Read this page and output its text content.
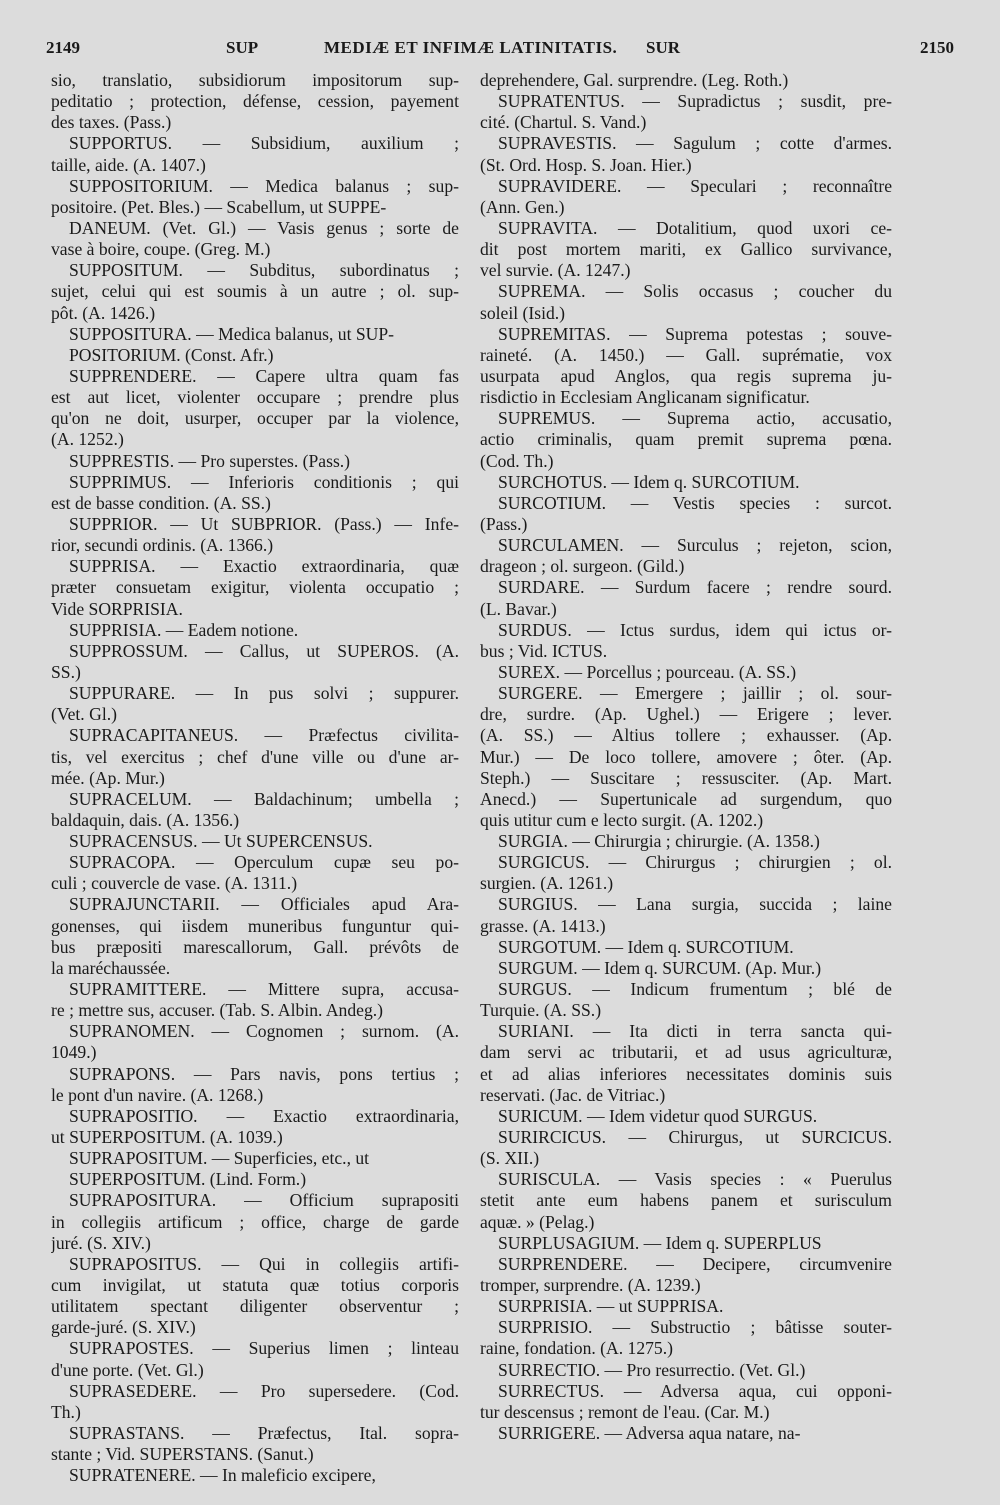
2149	SUP	MEDIÆ ET INFIMÆ LATINITATIS. SUR	2150
sio, translatio, subsidiorum impositorum sup-
peditatio ; protection, défense, cession, payement
des taxes. (Pass.)
SUPPORTUS. — Subsidium, auxilium ;
taille, aide. (A. 1407.)
SUPPOSITORIUM. — Medica balanus ; sup-
positoire. (Pet. Bles.) — Scabellum, ut SUPPE-
DANEUM. (Vet. Gl.) — Vasis genus ; sorte de
vase à boire, coupe. (Greg. M.)
SUPPOSITUM. — Subditus, subordinatus ;
sujet, celui qui est soumis à un autre ; ol. sup-
pôt. (A. 1426.)
SUPPOSITURA. — Medica balanus, ut SUP-
POSITORIUM. (Const. Afr.)
SUPPRENDERE. — Capere ultra quam fas
est aut licet, violenter occupare ; prendre plus
qu'on ne doit, usurper, occuper par la violence,
(A. 1252.)
SUPPRESTIS. — Pro superstes. (Pass.)
SUPPRIMUS. — Inferioris conditionis ; qui
est de basse condition. (A. SS.)
SUPPRIOR. — Ut SUBPRIOR. (Pass.) — Infe-
rior, secundi ordinis. (A. 1366.)
SUPPRISA. — Exactio extraordinaria, quæ
præter consuetam exigitur, violenta occupatio ;
Vide SORPRISIA.
SUPPRISIA. — Eadem notione.
SUPPROSSUM. — Callus, ut SUPEROS. (A.
SS.)
SUPPURARE. — In pus solvi ; suppurer.
(Vet. Gl.)
SUPRACAPITANEUS. — Præfectus civilita-
tis, vel exercitus ; chef d'une ville ou d'une ar-
mée. (Ap. Mur.)
SUPRACELUM. — Baldachinum; umbella ;
baldaquin, dais. (A. 1356.)
SUPRACENSUS. — Ut SUPERCENSUS.
SUPRACOPA. — Operculum cupæ seu po-
culi ; couvercle de vase. (A. 1311.)
SUPRAJUNCTARII. — Officiales apud Ara-
gonenses, qui iisdem muneribus funguntur qui-
bus præpositi marescallorum, Gall. prévôts de
la maréchaussée.
SUPRAMITTERE. — Mittere supra, accusa-
re ; mettre sus, accuser. (Tab. S. Albin. Andeg.)
SUPRANOMEN. — Cognomen ; surnom. (A.
1049.)
SUPRAPONS. — Pars navis, pons tertius ;
le pont d'un navire. (A. 1268.)
SUPRAPOSITIO. — Exactio extraordinaria,
ut SUPERPOSITUM. (A. 1039.)
SUPRAPOSITUM. — Superficies, etc., ut
SUPERPOSITUM. (Lind. Form.)
SUPRAPOSITURA. — Officium suprapositi
in collegiis artificum ; office, charge de garde
juré. (S. XIV.)
SUPRAPOSITUS. — Qui in collegiis artifi-
cum invigilat, ut statuta quæ totius corporis
utilitatem spectant diligenter observentur ;
garde-juré. (S. XIV.)
SUPRAPOSTES. — Superius limen ; linteau
d'une porte. (Vet. Gl.)
SUPRASEDERE. — Pro supersedere. (Cod.
Th.)
SUPRASTANS. — Præfectus, Ital. sopra-
stante ; Vid. SUPERSTANS. (Sanut.)
SUPRATENERE. — In maleficio excipere,
deprehendere, Gal. surprendre. (Leg. Roth.)
SUPRATENTUS. — Supradictus ; susdit, pre-
cité. (Chartul. S. Vand.)
SUPRAVESTIS. — Sagulum ; cotte d'armes.
(St. Ord. Hosp. S. Joan. Hier.)
SUPRAVIDERE. — Speculari ; reconnaître
(Ann. Gen.)
SUPRAVITA. — Dotalitium, quod uxori ce-
dit post mortem mariti, ex Gallico survivance,
vel survie. (A. 1247.)
SUPREMA. — Solis occasus ; coucher du
soleil (Isid.)
SUPREMITAS. — Suprema potestas ; souve-
raineté. (A. 1450.) — Gall. suprématie, vox
usurpata apud Anglos, qua regis suprema ju-
risdictio in Ecclesiam Anglicanam significatur.
SUPREMUS. — Suprema actio, accusatio,
actio criminalis, quam premit suprema pœna.
(Cod. Th.)
SURCHOTUS. — Idem q. SURCOTIUM.
SURCOTIUM. — Vestis species : surcot.
(Pass.)
SURCULAMEN. — Surculus ; rejeton, scion,
drageon ; ol. surgeon. (Gild.)
SURDARE. — Surdum facere ; rendre sourd.
(L. Bavar.)
SURDUS. — Ictus surdus, idem qui ictus or-
bus ; Vid. ICTUS.
SUREX. — Porcellus ; pourceau. (A. SS.)
SURGERE. — Emergere ; jaillir ; ol. sour-
dre, surdre. (Ap. Ughel.) — Erigere ; lever.
(A. SS.) — Altius tollere ; exhausser. (Ap.
Mur.) — De loco tollere, amovere ; ôter. (Ap.
Steph.) — Suscitare ; ressusciter. (Ap. Mart.
Anecd.) — Supertunicale ad surgendum, quo
quis utitur cum e lecto surgit. (A. 1202.)
SURGIA. — Chirurgia ; chirurgie. (A. 1358.)
SURGICUS. — Chirurgus ; chirurgien ; ol.
surgien. (A. 1261.)
SURGIUS. — Lana surgia, succida ; laine
grasse. (A. 1413.)
SURGOTUM. — Idem q. SURCOTIUM.
SURGUM. — Idem q. SURCUM. (Ap. Mur.)
SURGUS. — Indicum frumentum ; blé de
Turquie. (A. SS.)
SURIANI. — Ita dicti in terra sancta qui-
dam servi ac tributarii, et ad usus agriculturæ,
et ad alias inferiores necessitates dominis suis
reservati. (Jac. de Vitriac.)
SURICUM. — Idem videtur quod SURGUS.
SURIRCICUS. — Chirurgus, ut SURCICUS.
(S. XII.)
SURISCULA. — Vasis species : « Puerulus
stetit ante eum habens panem et surisculum
aquæ. » (Pelag.)
SURPLUSAGIUM. — Idem q. SUPERPLUS
SURPRENDERE. — Decipere, circumvenire
tromper, surprendre. (A. 1239.)
SURPRISIA. — ut SUPPRISA.
SURPRISIO. — Substructio ; bâtisse souter-
raine, fondation. (A. 1275.)
SURRECTIO. — Pro resurrectio. (Vet. Gl.)
SURRECTUS. — Adversa aqua, cui opponi-
tur descensus ; remont de l'eau. (Car. M.)
SURRIGERE. — Adversa aqua natare, na-
